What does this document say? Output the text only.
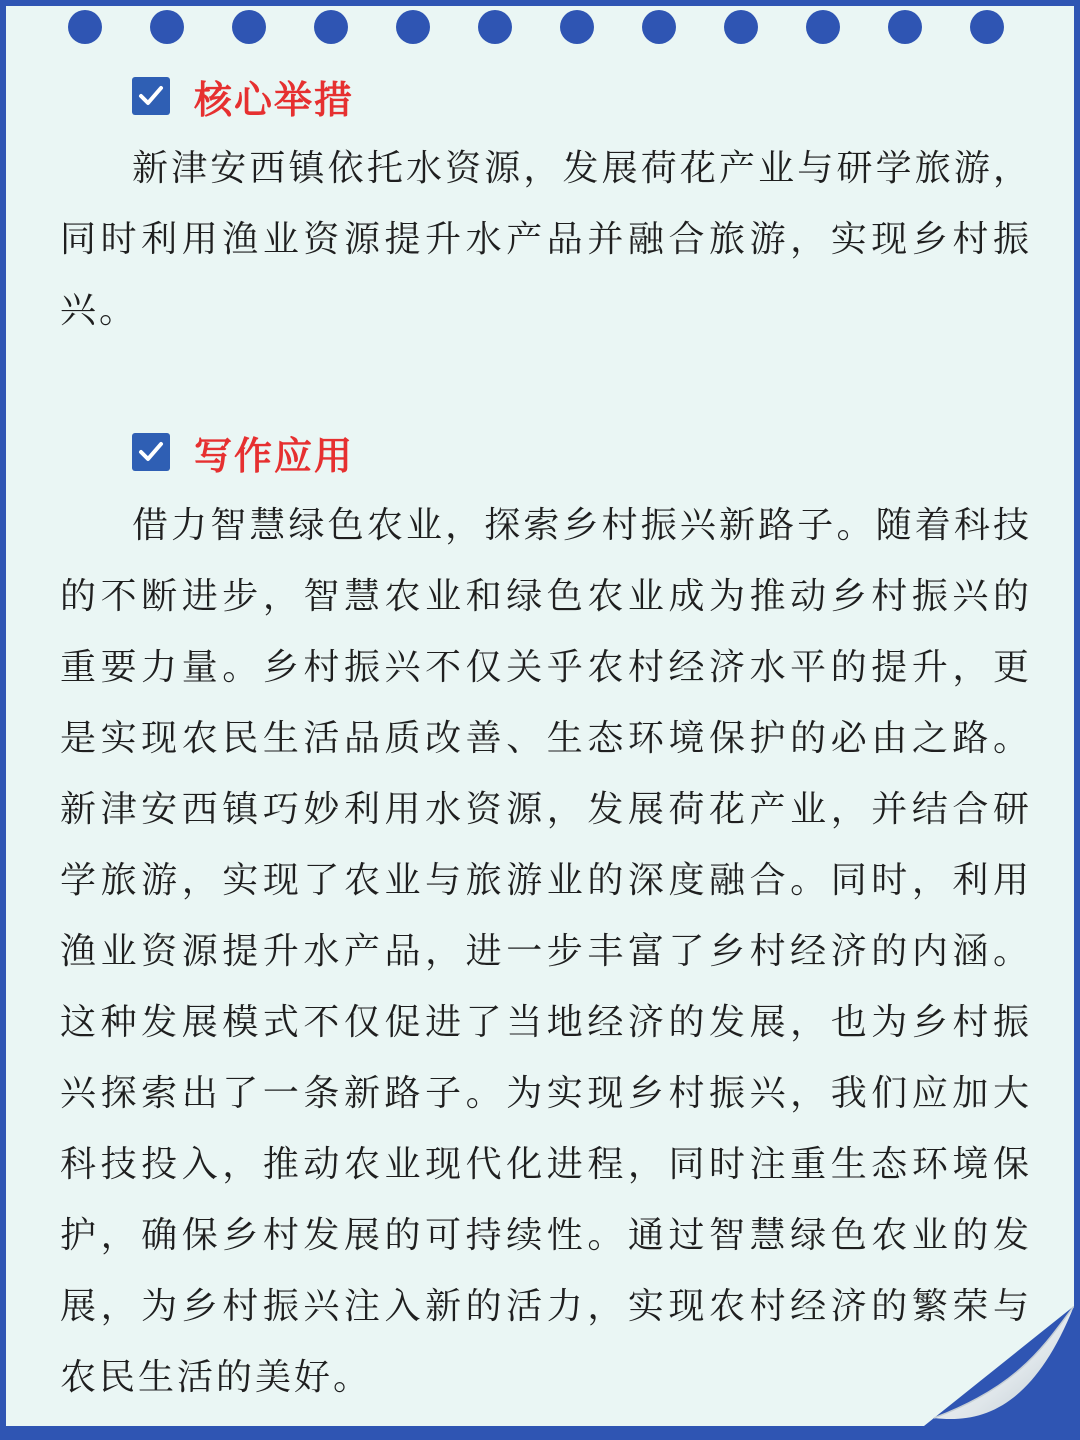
核心举措

新津安西镇依托水资源，发展荷花产业与研学旅游，同时利用渔业资源提升水产品并融合旅游，实现乡村振兴。

写作应用

借力智慧绿色农业，探索乡村振兴新路子。随着科技的不断进步，智慧农业和绿色农业成为推动乡村振兴的重要力量。乡村振兴不仅关乎农村经济水平的提升，更是实现农民生活品质改善、生态环境保护的必由之路。新津安西镇巧妙利用水资源，发展荷花产业，并结合研学旅游，实现了农业与旅游业的深度融合。同时，利用渔业资源提升水产品，进一步丰富了乡村经济的内涵。这种发展模式不仅促进了当地经济的发展，也为乡村振兴探索出了一条新路子。为实现乡村振兴，我们应加大科技投入，推动农业现代化进程，同时注重生态环境保护，确保乡村发展的可持续性。通过智慧绿色农业的发展，为乡村振兴注入新的活力，实现农村经济的繁荣与农民生活的美好。
